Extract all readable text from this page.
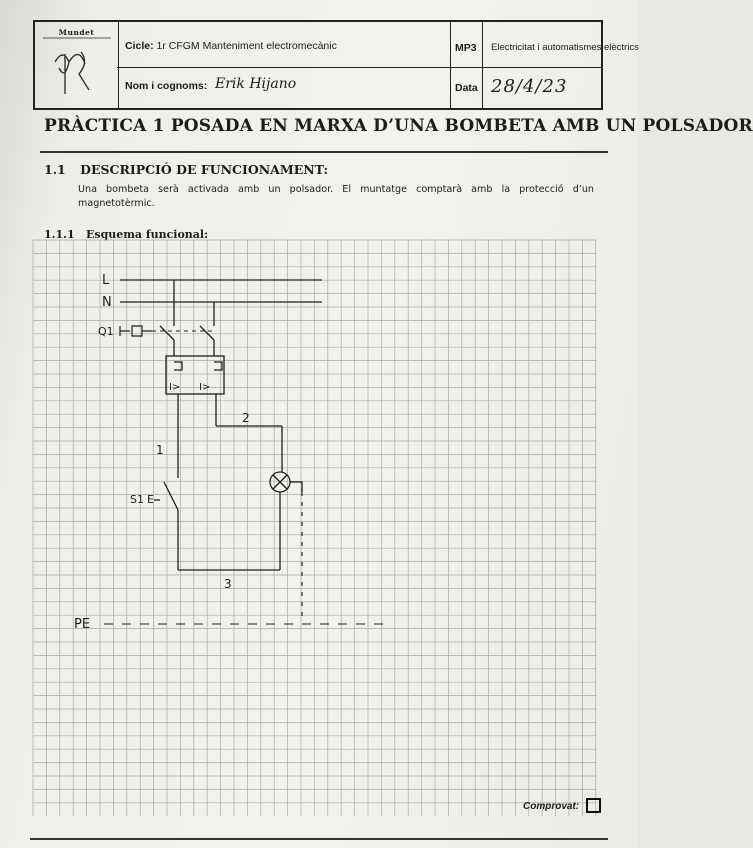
Mundet
Cicle: 1r CFGM Manteniment electromecànic	MP3 Electricitat i automatismes elèctrics
Nom i cognoms: Erik Hijano	Data 28/4/23
PRÀCTICA 1 POSADA EN MARXA D’UNA BOMBETA AMB UN POLSADOR
1.1 DESCRIPCIÓ DE FUNCIONAMENT:
Una bombeta serà activada amb un polsador. El muntatge comptarà amb la protecció d’un magnetotèrmic.
1.1.1 Esquema funcional:
L
N
Q1
I> I>
S1 E
1
2
3
PE
Comprovat:
